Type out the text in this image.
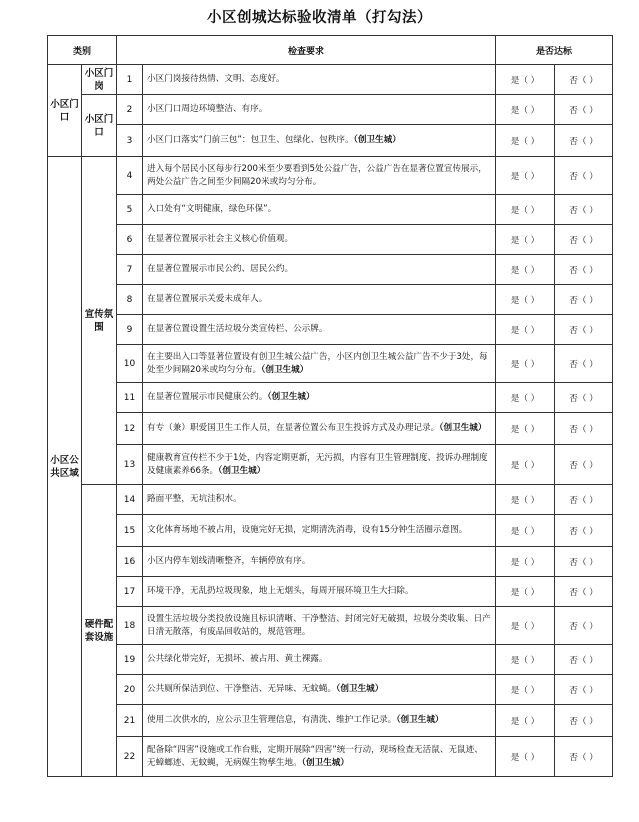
小区创城达标验收清单（打勾法）
类别		检查要求		是否达标	
小区门口	小区门岗	1	小区门岗接待热情、文明、态度好。	是（ ）	否（ ）
	小区门口	2	小区门口周边环境整洁、有序。	是（ ）	否（ ）
		3	小区门口落实“门前三包”：包卫生、包绿化、包秩序。（创卫生城）	是（ ）	否（ ）
小区公共区域	宣传氛围	4	进入每个居民小区每步行200米至少要看到5处公益广告，公益广告在显著位置宣传展示，两处公益广告之间至少间隔20米或均匀分布。	是（ ）	否（ ）
		5	入口处有“文明健康，绿色环保”。	是（ ）	否（ ）
		6	在显著位置展示社会主义核心价值观。	是（ ）	否（ ）
		7	在显著位置展示市民公约、居民公约。	是（ ）	否（ ）
		8	在显著位置展示关爱未成年人。	是（ ）	否（ ）
		9	在显著位置设置生活垃圾分类宣传栏、公示牌。	是（ ）	否（ ）
		10	在主要出入口等显著位置设有创卫生城公益广告，小区内创卫生城公益广告不少于3处，每处至少间隔20米或均匀分布。（创卫生城）	是（ ）	否（ ）
		11	在显著位置展示市民健康公约。（创卫生城）	是（ ）	否（ ）
		12	有专（兼）职爱国卫生工作人员，在显著位置公布卫生投诉方式及办理记录。（创卫生城）	是（ ）	否（ ）
		13	健康教育宣传栏不少于1处，内容定期更新，无污损，内容有卫生管理制度、投诉办理制度及健康素养66条。（创卫生城）	是（ ）	否（ ）
	硬件配套设施	14	路面平整，无坑洼积水。	是（ ）	否（ ）
		15	文化体育场地不被占用，设施完好无损，定期清洗消毒，设有15分钟生活圈示意图。	是（ ）	否（ ）
		16	小区内停车划线清晰整齐，车辆停放有序。	是（ ）	否（ ）
		17	环境干净，无乱扔垃圾现象，地上无烟头，每周开展环境卫生大扫除。	是（ ）	否（ ）
		18	设置生活垃圾分类投放设施且标识清晰、干净整洁、封闭完好无破损，垃圾分类收集、日产日清无散落，有废品回收站的，规范管理。	是（ ）	否（ ）
		19	公共绿化带完好，无损坏、被占用、黄土裸露。	是（ ）	否（ ）
		20	公共厕所保洁到位、干净整洁、无异味、无蚊蝇。（创卫生城）	是（ ）	否（ ）
		21	使用二次供水的，应公示卫生管理信息，有清洗、维护工作记录。（创卫生城）	是（ ）	否（ ）
		22	配备除“四害”设施或工作台账，定期开展除“四害”统一行动，现场检查无活鼠、无鼠迹、无蟑螂迹、无蚊蝇，无病媒生物孳生地。（创卫生城）	是（ ）	否（ ）
